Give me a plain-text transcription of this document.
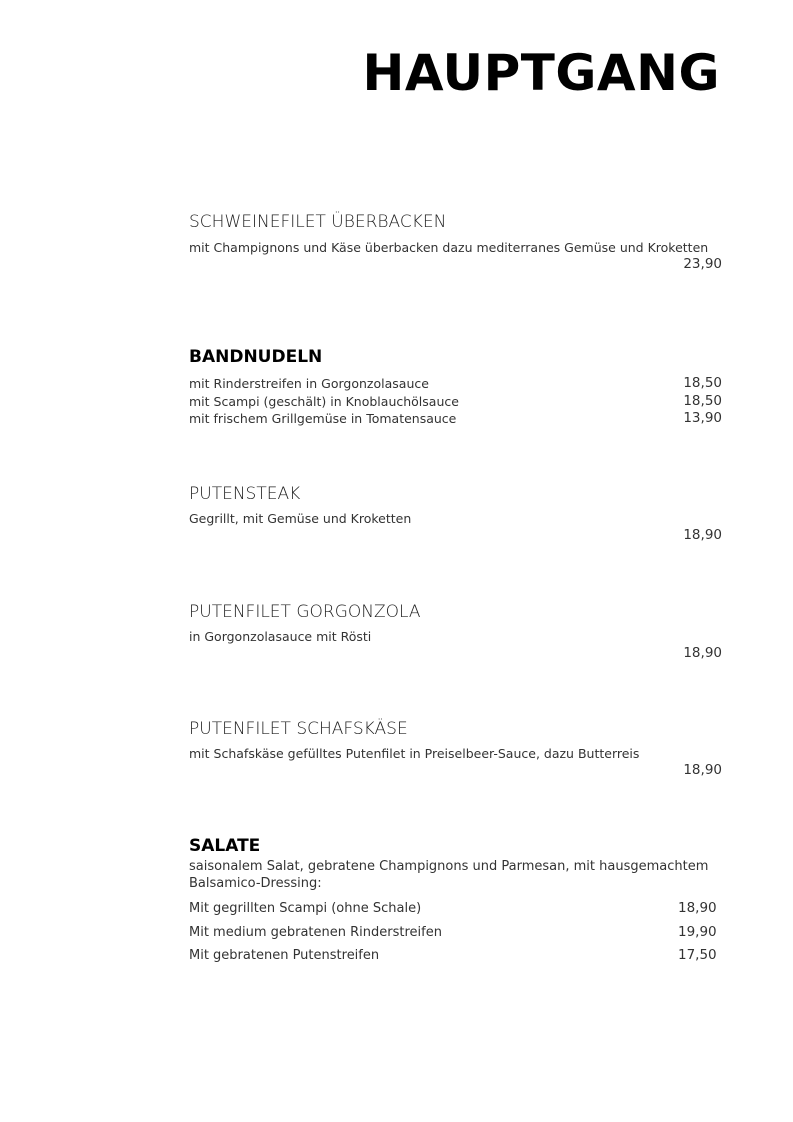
HAUPTGANG

SCHWEINEFILET ÜBERBACKEN

mit Champignons und Käse überbacken dazu mediterranes Gemüse und Kroketten
23,90

BANDNUDELN

mit Rinderstreifen in Gorgonzolasauce	18,50
mit Scampi (geschält) in Knoblauchölsauce	18,50
mit frischem Grillgemüse in Tomatensauce	13,90

PUTENSTEAK

Gegrillt, mit Gemüse und Kroketten
18,90

PUTENFILET GORGONZOLA

in Gorgonzolasauce mit Rösti
18,90

PUTENFILET SCHAFSKÄSE

mit Schafskäse gefülltes Putenfilet in Preiselbeer-Sauce, dazu Butterreis
18,90

SALATE

saisonalem Salat, gebratene Champignons und Parmesan, mit hausgemachtem Balsamico-Dressing:
Mit gegrillten Scampi (ohne Schale)	18,90
Mit medium gebratenen Rinderstreifen	19,90
Mit gebratenen Putenstreifen	17,50
